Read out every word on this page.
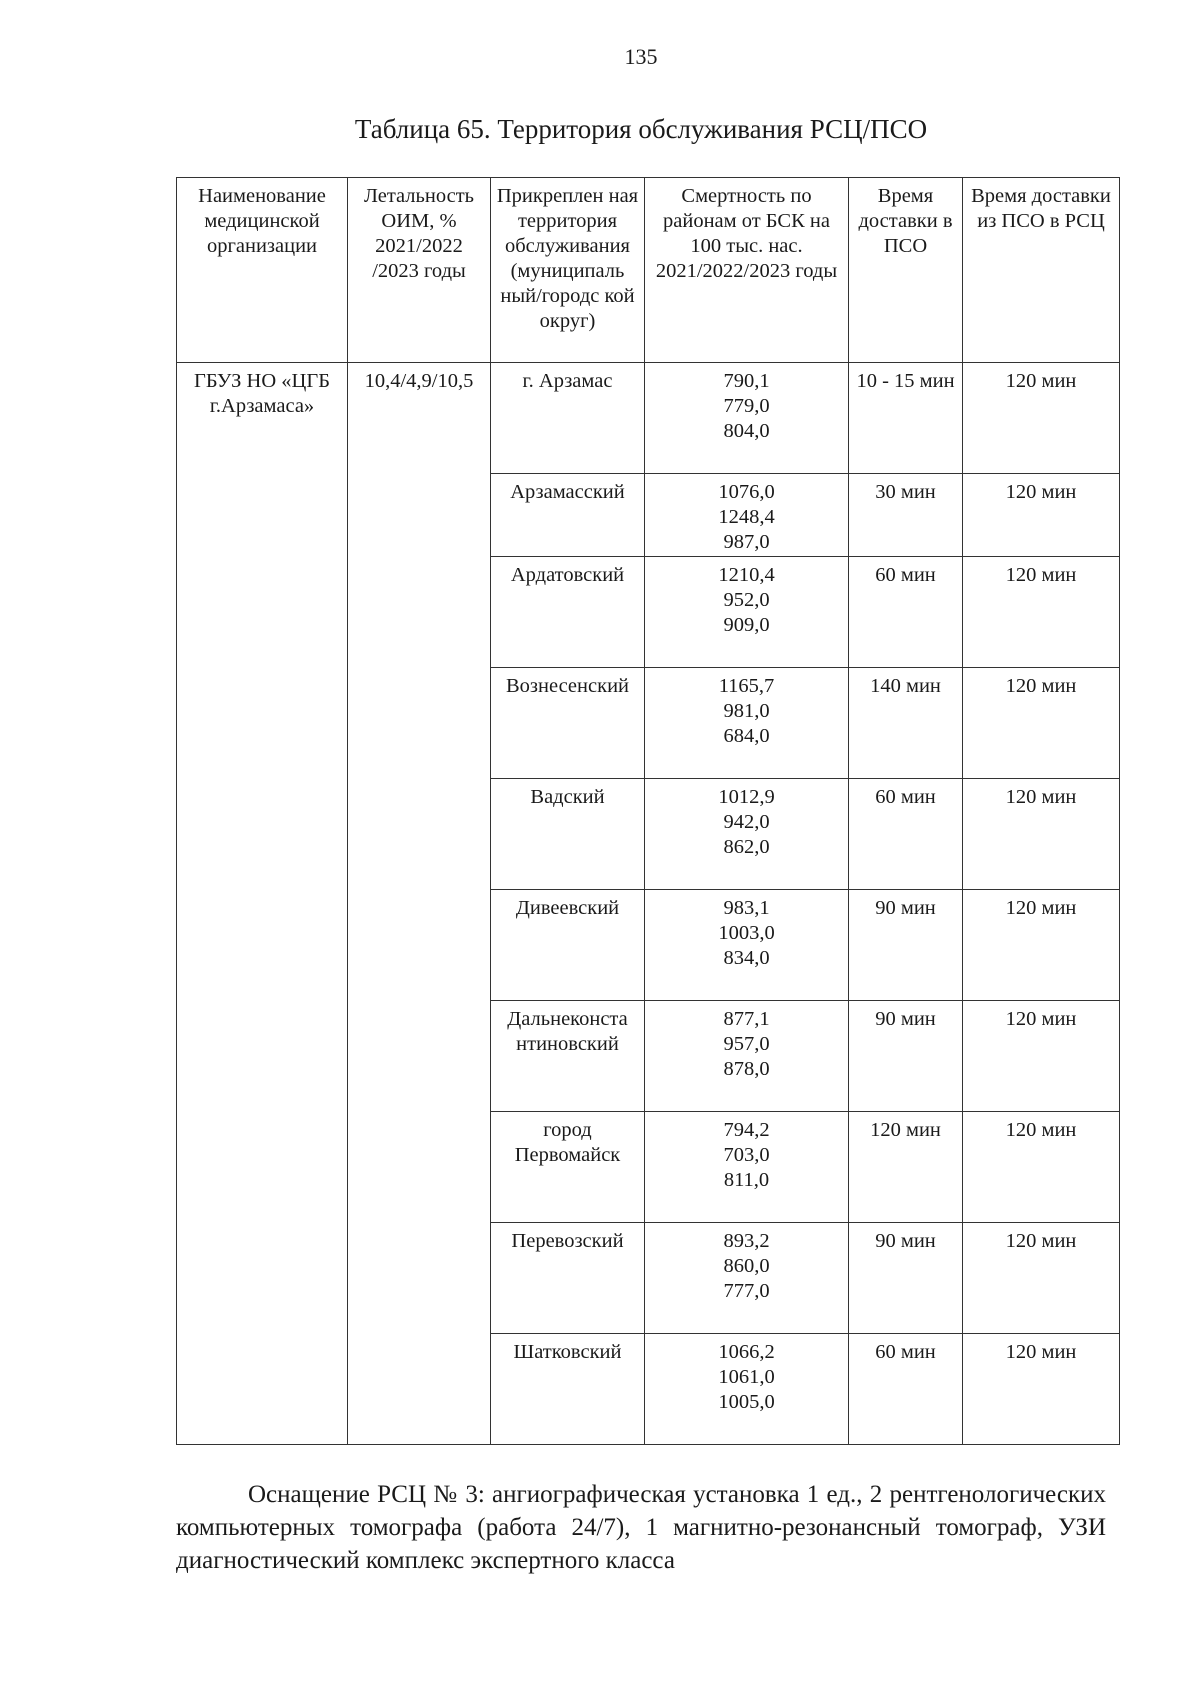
135
Таблица 65. Территория обслуживания РСЦ/ПСО
Наименование медицинской организации	Летальность ОИМ, % 2021/2022 /2023 годы	Прикреплен ная территория обслуживания (муниципаль ный/городс кой округ)	Смертность по районам от БСК на 100 тыс. нас. 2021/2022/2023 годы	Время доставки в ПСО	Время доставки из ПСО в РСЦ
ГБУЗ НО «ЦГБ г.Арзамаса»	10,4/4,9/10,5	г. Арзамас	790,1
779,0
804,0	10 - 15 мин	120 мин
		Арзамасский	1076,0
1248,4
987,0	30 мин	120 мин
		Ардатовский	1210,4
952,0
909,0	60 мин	120 мин
		Вознесенский	1165,7
981,0
684,0	140 мин	120 мин
		Вадский	1012,9
942,0
862,0	60 мин	120 мин
		Дивеевский	983,1
1003,0
834,0	90 мин	120 мин
		Дальнеконста нтиновский	877,1
957,0
878,0	90 мин	120 мин
		город Первомайск	794,2
703,0
811,0	120 мин	120 мин
		Перевозский	893,2
860,0
777,0	90 мин	120 мин
		Шатковский	1066,2
1061,0
1005,0	60 мин	120 мин
Оснащение РСЦ № 3: ангиографическая установка 1 ед., 2 рентгенологических компьютерных томографа (работа 24/7), 1 магнитно-резонансный томограф, УЗИ диагностический комплекс экспертного класса
